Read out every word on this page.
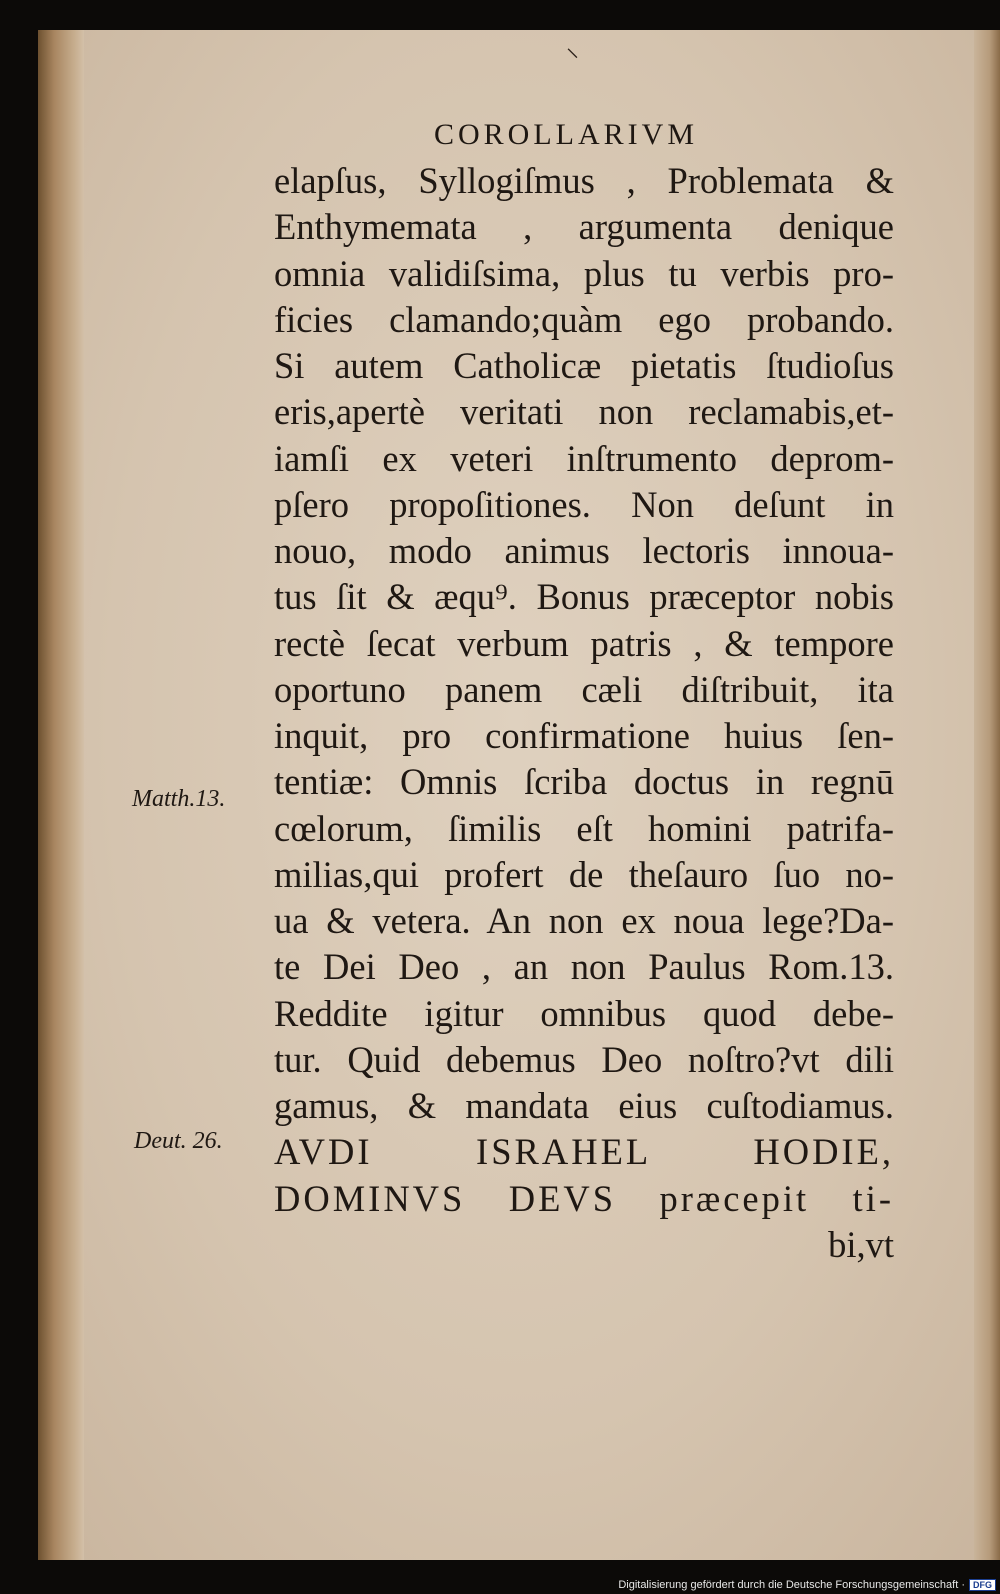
⸜
COROLLARIVM
elapſus, Syllogiſmus , Problemata &
Enthymemata , argumenta denique
omnia validiſsima, plus tu verbis pro-
ficies clamando;quàm ego probando.
Si autem Catholicæ pietatis ſtudioſus
eris,apertè veritati non reclamabis,et-
iamſi ex veteri inſtrumento deprom-
pſero propoſitiones. Non deſunt in
nouo, modo animus lectoris innoua-
tus ſit & æqu⁹. Bonus præceptor nobis
rectè ſecat verbum patris , & tempore
oportuno panem cæli diſtribuit, ita
inquit, pro confirmatione huius ſen-
tentiæ: Omnis ſcriba doctus in regnū
cœlorum, ſimilis eſt homini patrifa-
milias,qui profert de theſauro ſuo no-
ua & vetera. An non ex noua lege?Da-
te Dei Deo , an non Paulus Rom.13.
Reddite igitur omnibus quod debe-
tur. Quid debemus Deo noſtro?vt dili
gamus, & mandata eius cuſtodiamus.
AVDI ISRAHEL HODIE,
DOMINVS DEVS præcepit ti-
bi,vt
Matth.13.
Deut. 26.
Digitalisierung gefördert durch die Deutsche Forschungsgemeinschaft · DFG
